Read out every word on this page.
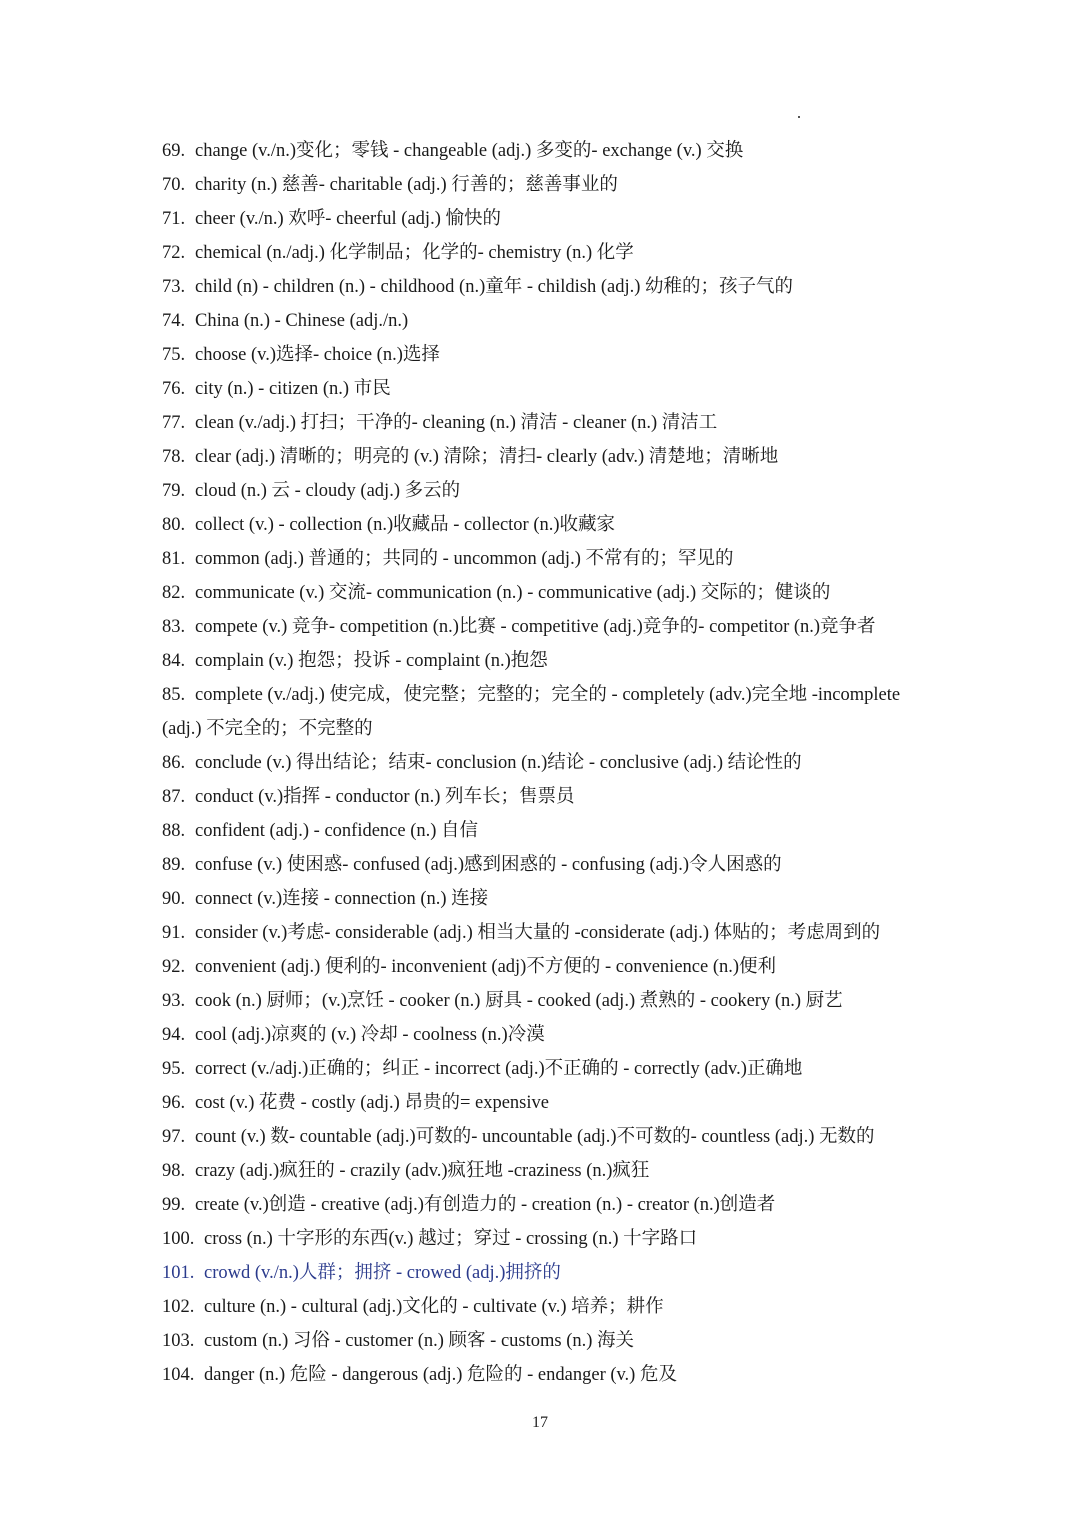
69. change (v./n.)变化；零钱 - changeable (adj.) 多变的- exchange (v.) 交换
70. charity (n.) 慈善- charitable (adj.) 行善的；慈善事业的
71. cheer (v./n.) 欢呼- cheerful (adj.) 愉快的
72. chemical (n./adj.) 化学制品；化学的- chemistry (n.) 化学
73. child (n) - children (n.) - childhood (n.)童年 - childish (adj.) 幼稚的；孩子气的
74. China (n.) - Chinese (adj./n.)
75. choose (v.)选择- choice (n.)选择
76. city (n.) - citizen (n.) 市民
77. clean (v./adj.) 打扫；干净的- cleaning (n.) 清洁 - cleaner (n.) 清洁工
78. clear (adj.) 清晰的；明亮的 (v.) 清除；清扫- clearly (adv.) 清楚地；清晰地
79. cloud (n.) 云 - cloudy (adj.) 多云的
80. collect (v.) - collection (n.)收藏品 - collector (n.)收藏家
81. common (adj.) 普通的；共同的 - uncommon (adj.) 不常有的；罕见的
82. communicate (v.) 交流- communication (n.) - communicative (adj.) 交际的；健谈的
83. compete (v.) 竞争- competition (n.)比赛 - competitive (adj.)竞争的- competitor (n.)竞争者
84. complain (v.) 抱怨；投诉 - complaint (n.)抱怨
85. complete (v./adj.) 使完成，使完整；完整的；完全的 - completely (adv.)完全地 -incomplete
(adj.) 不完全的；不完整的
86. conclude (v.) 得出结论；结束- conclusion (n.)结论 - conclusive (adj.) 结论性的
87. conduct (v.)指挥 - conductor (n.) 列车长；售票员
88. confident (adj.) - confidence (n.) 自信
89. confuse (v.) 使困惑- confused (adj.)感到困惑的 - confusing (adj.)令人困惑的
90. connect (v.)连接 - connection (n.) 连接
91. consider (v.)考虑- considerable (adj.) 相当大量的 -considerate (adj.) 体贴的；考虑周到的
92. convenient (adj.) 便利的- inconvenient (adj)不方便的 - convenience (n.)便利
93. cook (n.) 厨师；(v.)烹饪 - cooker (n.) 厨具 - cooked (adj.) 煮熟的 - cookery (n.) 厨艺
94. cool (adj.)凉爽的 (v.) 冷却 - coolness (n.)冷漠
95. correct (v./adj.)正确的；纠正 - incorrect (adj.)不正确的 - correctly (adv.)正确地
96. cost (v.) 花费 - costly (adj.) 昂贵的= expensive
97. count (v.) 数- countable (adj.)可数的- uncountable (adj.)不可数的- countless (adj.) 无数的
98. crazy (adj.)疯狂的 - crazily (adv.)疯狂地 -craziness (n.)疯狂
99. create (v.)创造 - creative (adj.)有创造力的 - creation (n.) - creator (n.)创造者
100. cross (n.) 十字形的东西(v.) 越过；穿过 - crossing (n.) 十字路口
101. crowd (v./n.)人群；拥挤 - crowed (adj.)拥挤的
102. culture (n.) - cultural (adj.)文化的 - cultivate (v.) 培养；耕作
103. custom (n.) 习俗 - customer (n.) 顾客 - customs (n.) 海关
104. danger (n.) 危险 - dangerous (adj.) 危险的 - endanger (v.) 危及
17
